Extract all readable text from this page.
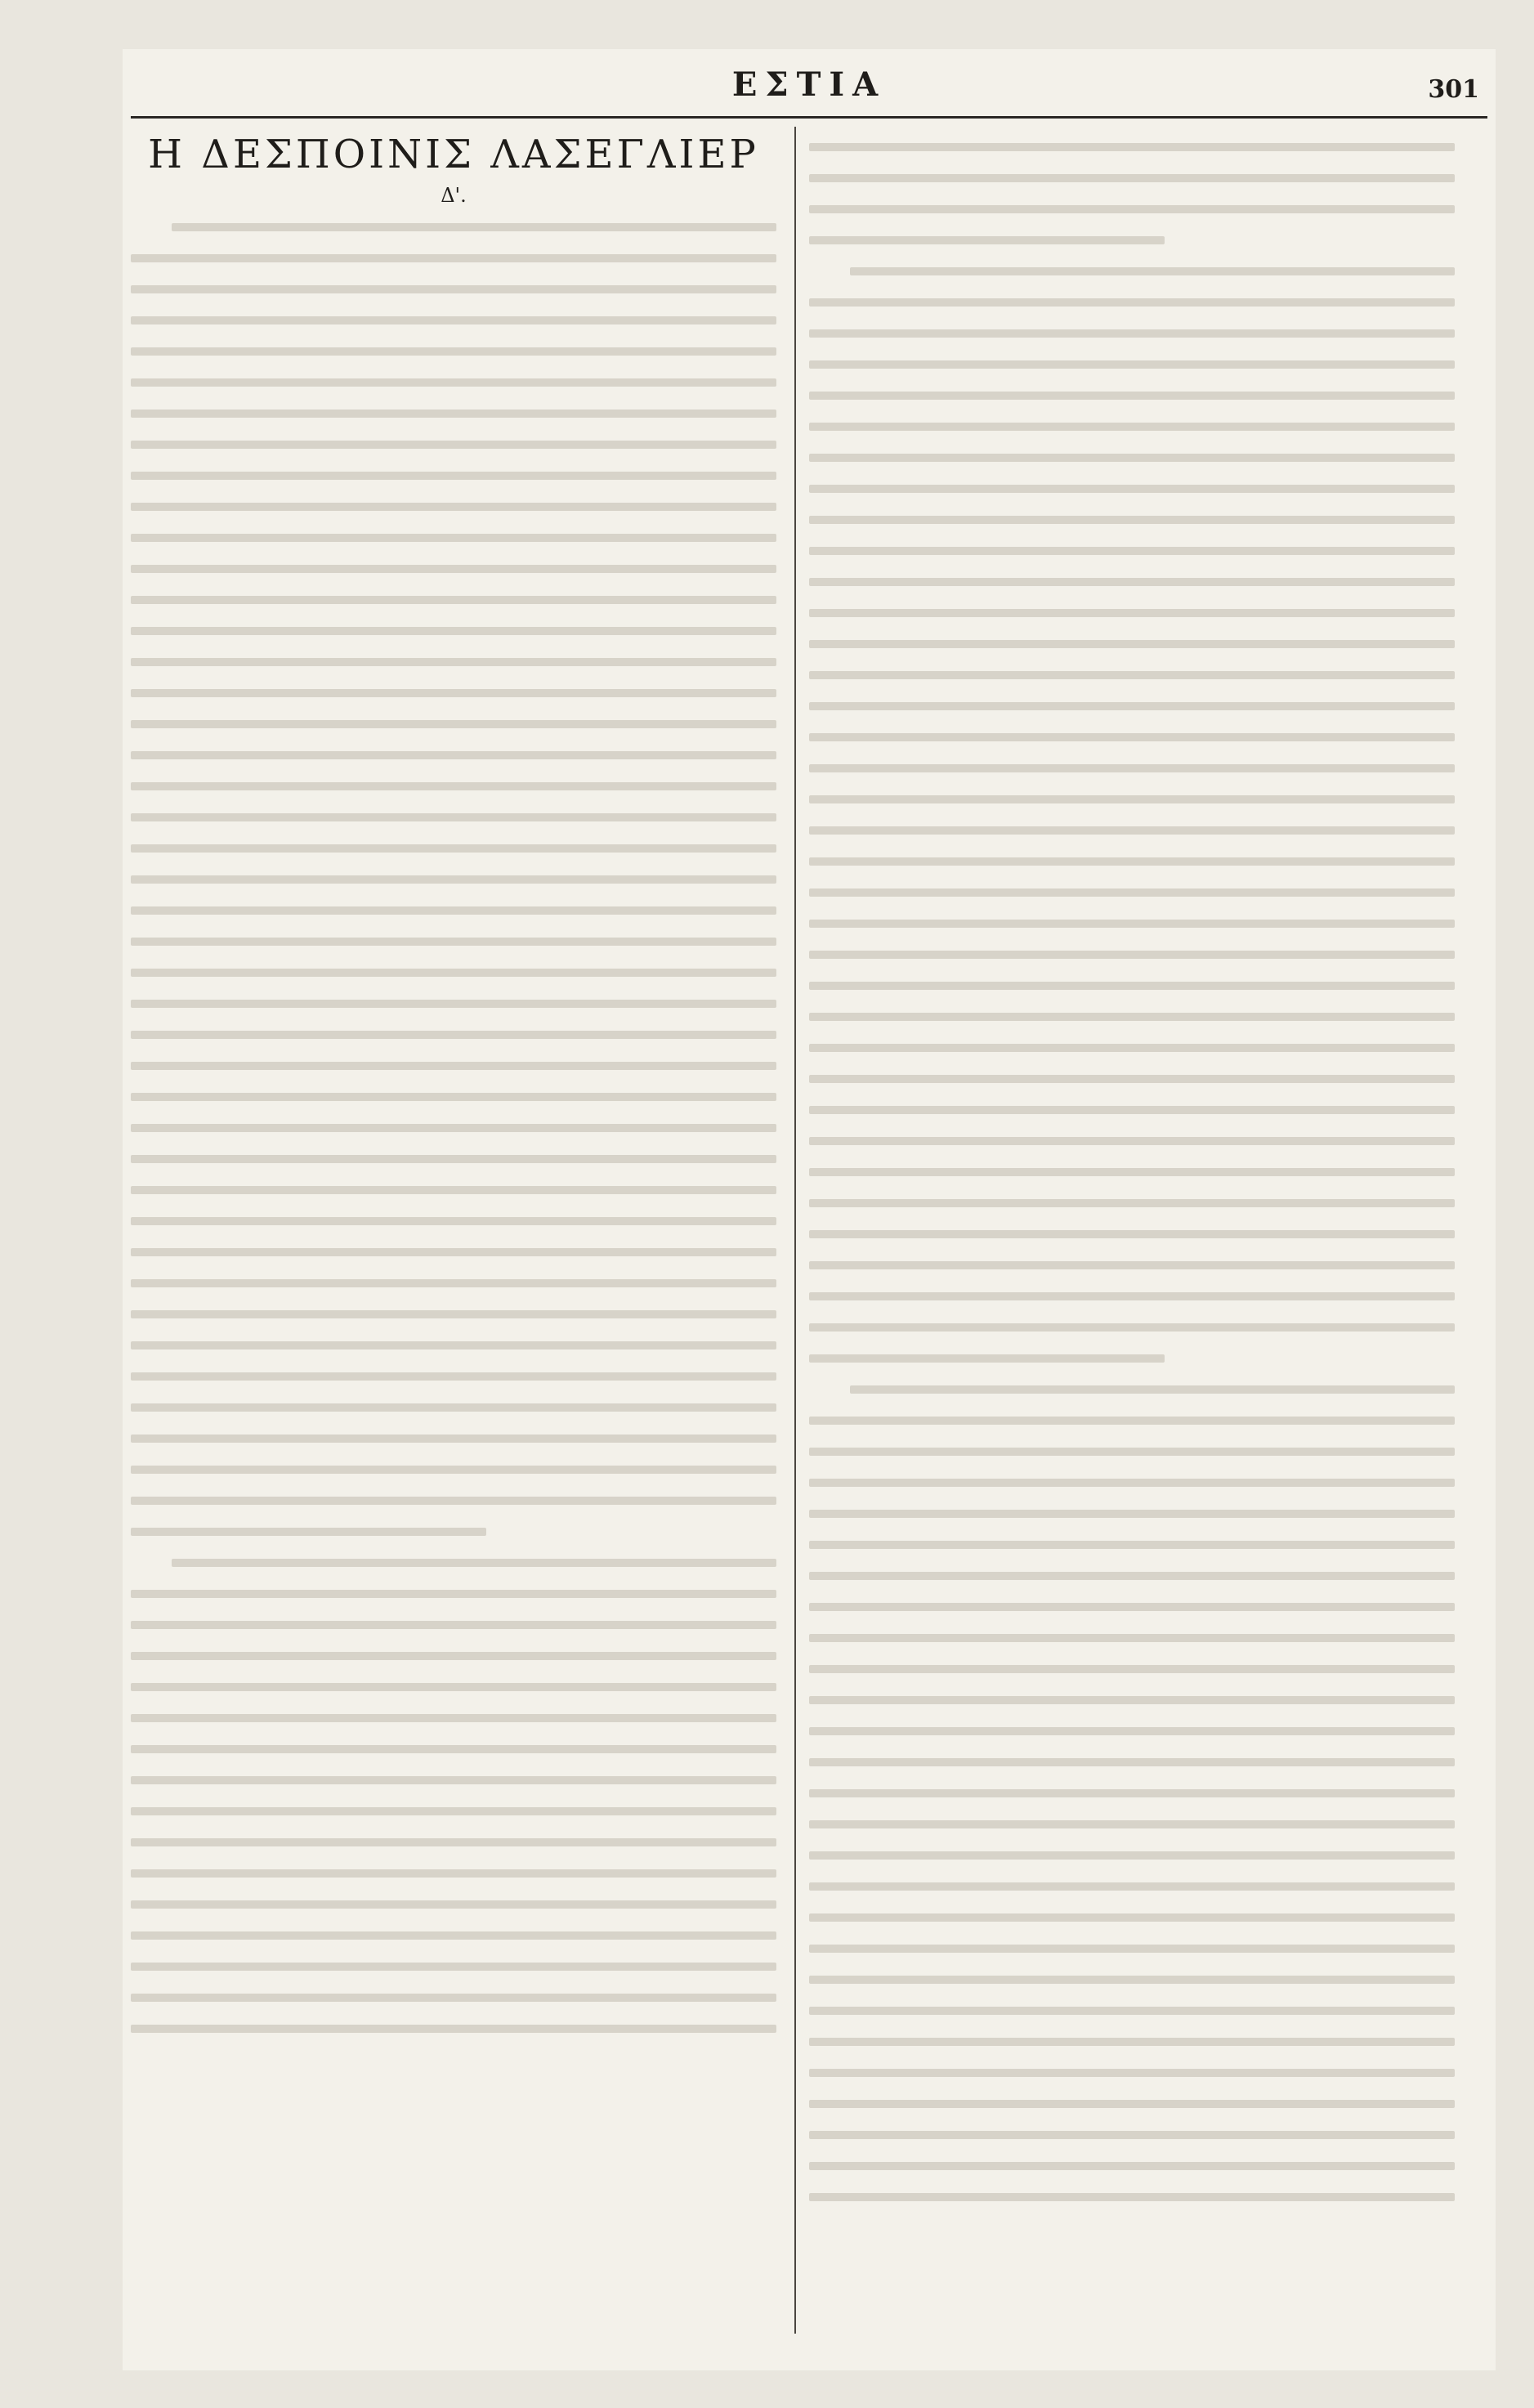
ΕΣΤΙΑ	301
Η ΔΕΣΠΟΙΝΙΣ ΛΑΣΕΓΛΙΕΡ
Δ'.
